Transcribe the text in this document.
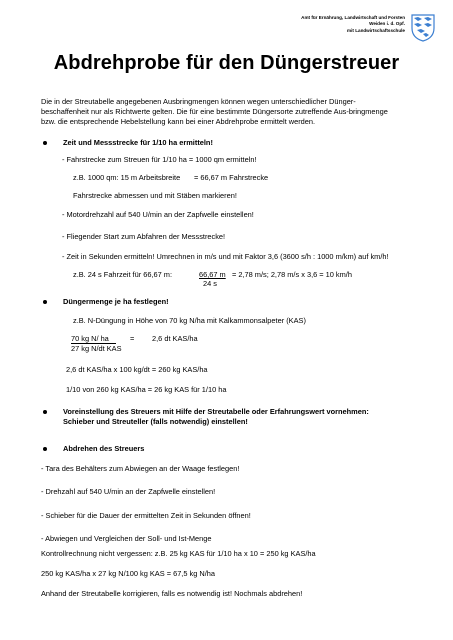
Amt für Ernährung, Landwirtschaft und Forsten
Weiden i. d. Opf.
mit Landwirtschaftsschule
Abdrehprobe für den Düngerstreuer
Die in der Streutabelle angegebenen Ausbringmengen können wegen unterschiedlicher Dünger-
beschaffenheit nur als Richtwerte gelten. Die für eine bestimmte Düngersorte zutreffende Aus-bringmenge
bzw. die entsprechende Hebelstellung kann bei einer Abdrehprobe ermittelt werden.
Zeit und Messstrecke für 1/10 ha ermitteln!
- Fahrstrecke zum Streuen für 1/10 ha = 1000 qm ermitteln!
z.B. 1000 qm: 15 m Arbeitsbreite = 66,67 m Fahrstrecke
Fahrstrecke abmessen und mit Stäben markieren!
- Motordrehzahl auf 540 U/min an der Zapfwelle einstellen!
- Fliegender Start zum Abfahren der Messstrecke!
- Zeit in Sekunden ermitteln! Umrechnen in m/s und mit Faktor 3,6 (3600 s/h : 1000 m/km) auf km/h!
z.B. 24 s Fahrzeit für 66,67 m:	66,67 m = 2,78 m/s; 2,78 m/s x 3,6 = 10 km/h
24 s
Düngermenge je ha festlegen!
z.B. N-Düngung in Höhe von 70 kg N/ha mit Kalkammonsalpeter (KAS)
70 kg N/ ha	= 2,6 dt KAS/ha
27 kg N/dt KAS
2,6 dt KAS/ha x 100 kg/dt = 260 kg KAS/ha
1/10 von 260 kg KAS/ha = 26 kg KAS für 1/10 ha
Voreinstellung des Streuers mit Hilfe der Streutabelle oder Erfahrungswert vornehmen:
Schieber und Streuteller (falls notwendig) einstellen!
Abdrehen des Streuers
- Tara des Behälters zum Abwiegen an der Waage festlegen!
- Drehzahl auf 540 U/min an der Zapfwelle einstellen!
- Schieber für die Dauer der ermittelten Zeit in Sekunden öffnen!
- Abwiegen und Vergleichen der Soll- und Ist-Menge
Kontrollrechnung nicht vergessen: z.B. 25 kg KAS für 1/10 ha x 10 = 250 kg KAS/ha
250 kg KAS/ha x 27 kg N/100 kg KAS = 67,5 kg N/ha
Anhand der Streutabelle korrigieren, falls es notwendig ist! Nochmals abdrehen!
